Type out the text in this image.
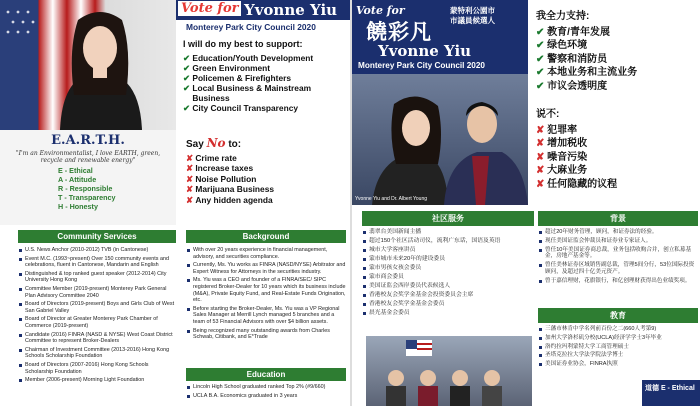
E.A.R.T.H.
"I'm an Environmentalist, I love EARTH, green, recycle and renewable energy"
E - Ethical
A - Attitude
R - Responsible
T - Transparency
H - Honesty
Vote for Yvonne Yiu
Monterey Park City Council 2020
I will do my best to support:
✔ Education/Youth Development
✔ Green Environment
✔ Policemen & Firefighters
✔ Local Business & Mainstream Business
✔ City Council Transparency
Say No to:
✘ Crime rate
✘ Increase taxes
✘ Noise Pollution
✘ Marijuana Business
✘ Any hidden agenda
Community Services
U.S. News Anchor (2010-2012) TVB (in Cantonese)
Event M.C. (1993~present) Over 150 community events and celebrations, fluent in Cantonese, Mandarin and English
Distinguished & top ranked guest speaker (2012-2014) City University Hong Kong
Committee Member (2019-present) Monterey Park General Plan Advisory Committee 2040
Board of Directors (2019-present) Boys and Girls Club of West San Gabriel Valley
Board of Director at Greater Monterey Park Chamber of Commerce (2019-present)
Candidate (2016) FINRA (NASD & NYSE) West Coast District Committee to represent Broker-Dealers
Chairman of Investment Committee (2013-2016) Hong Kong Schools Scholarship Foundation
Board of Directors (2007-2016) Hong Kong Schools Scholarship Foundation
Member (2006-present) Morning Light Foundation
Background
With over 20 years experience in financial management, advisory, and securities compliance.
Currently, Ms. Yiu works as FINRA (NASD/NYSE) Arbitrator and Expert Witness for Attorneys in the securities industry.
Ms. Yiu was a CEO and founder of a FINRA/SEC/ SIPC registered Broker-Dealer for 10 years which its business include (M&A), Private Equity Fund, and Real-Estate Funds Origination, etc.
Before starting the Broker-Dealer, Ms. Yiu was a VP Regional Sales Manager at Merrill Lynch managed 5 branches and a team of 53 Financial Advisors with over $4 billion assets.
Being recognized many outstanding awards from Charles Schwab, Citibank, and E*Trade
Education
Lincoln High School graduated ranked Top 2% (#9/660)
UCLA B.A. Economics graduated in 3 years
Vote for
饒彩凡
蒙特利公園市
市議員候選人
Yvonne Yiu
Monterey Park City Council 2020
Yvonne Yiu and Dr. Albert Young
我全力支持:
✔ 教育/青年发展
✔ 绿色环境
✔ 警察和消防员
✔ 本地业务和主流业务
✔ 市议会透明度
说不:
✘ 犯罪率
✘ 增加税收
✘ 噪音污染
✘ 大麻业务
✘ 任何隐藏的议程
社区服务
翡翠台美国新闻主播
超过150个社区活动司仪，流利广东话，国语及英语
城市大学客座讲员
蒙市城市未来20年的建设委员
蒙市男孩女孩会委员
蒙市商会委员
美国证监会西岸委员代表候选人
香港校友会奖学金基金会投资委员会主席
香港校友会奖学金基金会委员
晨光基金会委员
背景
超过20年财务管理，顾问，和证券法的经验。
现任美国证监会仲裁员和证券业专家证人。
曾任10年美国证券商总裁，业务包括收购合并，创立私募基金，房地产基金等。
曾任美林证券区域销售副总裁，管理5间分行，53位国际投资顾问，及超过四十亿美元资产。
曾于嘉信理财，花旗银行，和亿创理财获得出色业绩奖项。
教育
三藩市林肯中学名列前百份之二(660人考第9)
加州大学洛杉矶分校(UCLA)经济学学士3年毕业
洛约拉玛利蒙特大学工商管理硕士
圣塔克拉拉大学法学院法学博士
美国证券业协会，FINRA执照
道德 E - Ethical
